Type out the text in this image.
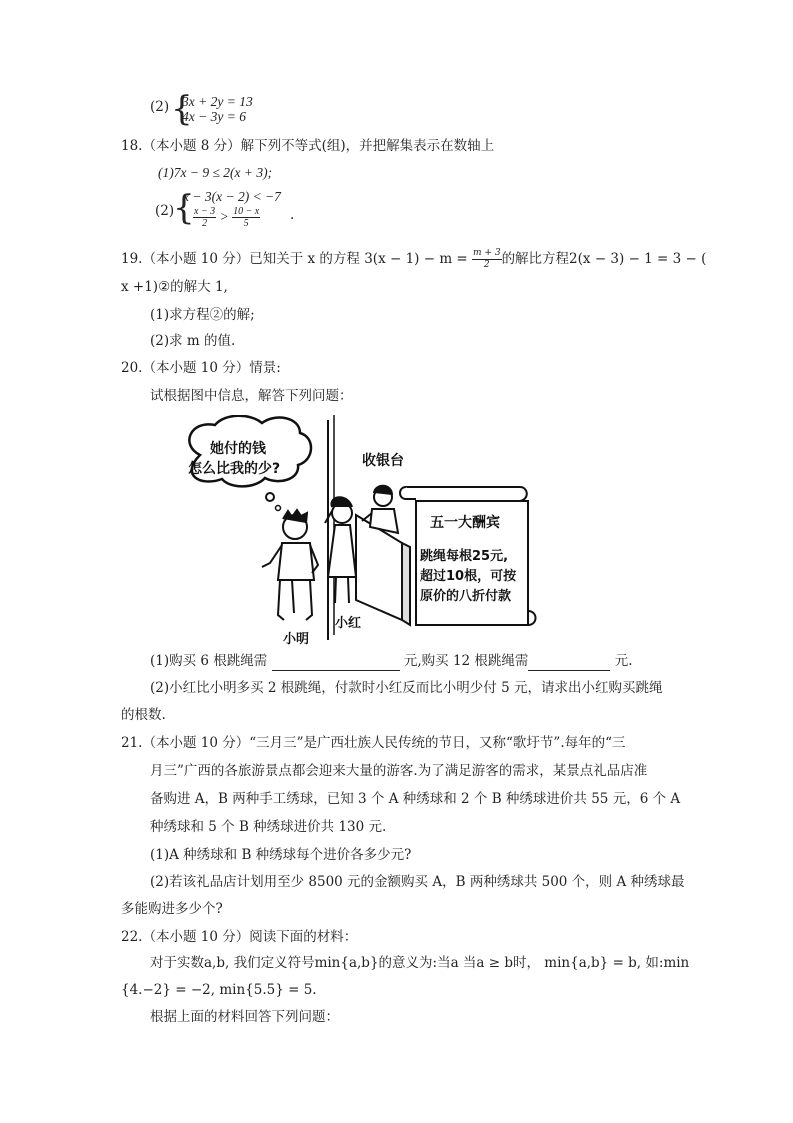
(2) {
3x + 2y = 13
4x − 3y = 6
18.（本小题 8 分）解下列不等式(组)，并把解集表示在数轴上
(1)7x − 9 ≤ 2(x + 3);
(2)
{
x − 3(x − 2) < −7
$\frac{x - 3}{2} > \frac{10 - x}{5}$ .
19.（本小题 10 分）已知关于 x 的方程 $3(x - 1) - m = \frac{m + 3}{2}$ 的解比方程2(x − 3) − 1 = 3 − (
x +1)②的解大 1,
(1)求方程②的解;
(2)求 m 的值.
20.（本小题 10 分）情景:
试根据图中信息，解答下列问题：
她付的钱
怎么比我的少?	收银台
小明
小红
五一大酬宾
跳绳每根25元,
超过10根，可按
原价的八折付款
(1)购买 6 根跳绳需	元,购买 12 根跳绳需	元.
(2)小红比小明多买 2 根跳绳，付款时小红反而比小明少付 5 元，请求出小红购买跳绳
的根数.
21.（本小题 10 分）“三月三”是广西壮族人民传统的节日，又称“歌圩节”.每年的“三
月三”广西的各旅游景点都会迎来大量的游客.为了满足游客的需求，某景点礼品店准
备购进 A，B 两种手工绣球，已知 3 个 A 种绣球和 2 个 B 种绣球进价共 55 元，6 个 A
种绣球和 5 个 B 种绣球进价共 130 元.
(1)A 种绣球和 B 种绣球每个进价各多少元?
(2)若该礼品店计划用至少 8500 元的金额购买 A，B 两种绣球共 500 个，则 A 种绣球最
多能购进多少个?
22.（本小题 10 分）阅读下面的材料：
对于实数a,b, 我们定义符号min{a,b}的意义为:当a 当a ≥ b时， min{a,b} = b, 如:min
{4.−2} = −2, min{5.5} = 5.
根据上面的材料回答下列问题：
